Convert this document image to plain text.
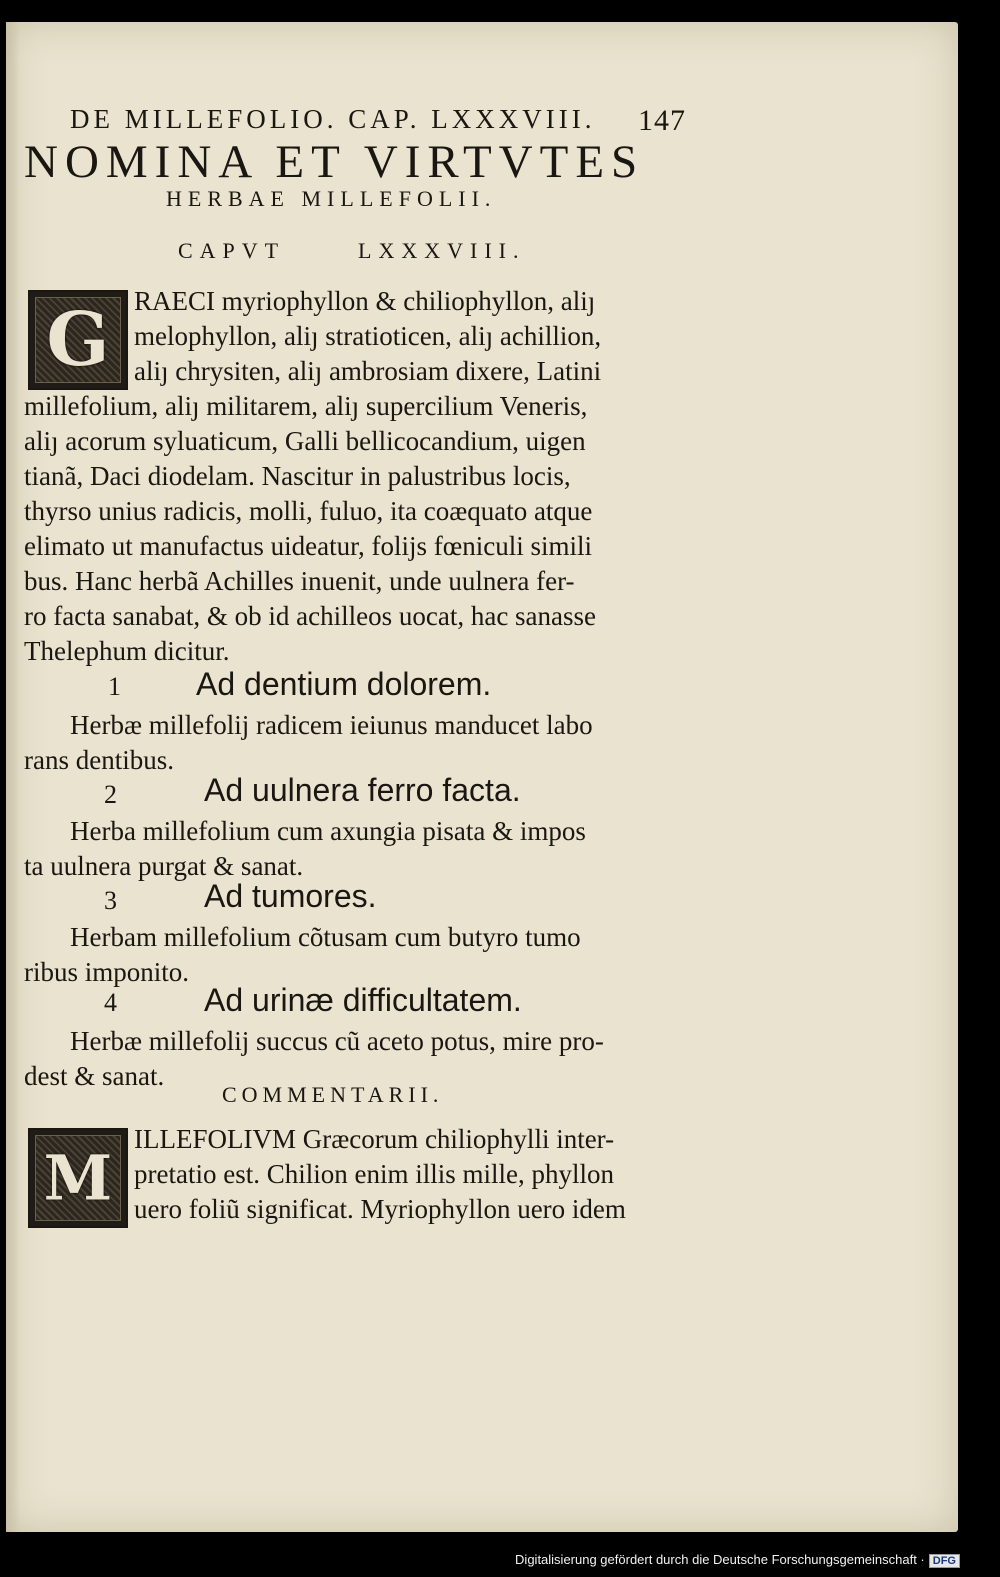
DE MILLEFOLIO. CAP. LXXXVIII. 147
NOMINA ET VIRTVTES
HERBAE MILLEFOLII.
CAPVT	LXXXVIII.
G RAECI myriophyllon & chiliophyllon, aliȷ
melophyllon, aliȷ stratioticen, aliȷ achillion,
aliȷ chrysiten, aliȷ ambrosiam dixere, Latini
millefolium, aliȷ militarem, aliȷ supercilium Veneris,
aliȷ acorum syluaticum, Galli bellicocandium, uigen
tianã, Daci diodelam. Nascitur in palustribus locis,
thyrso unius radicis, molli, fuluo, ita coæquato atque
elimato ut manufactus uideatur, folijs fœniculi simili
bus. Hanc herbã Achilles inuenit, unde uulnera fer-
ro facta sanabat, & ob id achilleos uocat, hac sanasse
Thelephum dicitur.
1 Ad dentium dolorem.
Herbæ millefolij radicem ieiunus manducet labo
rans dentibus.
2	Ad uulnera ferro facta.
Herba millefolium cum axungia pisata & impos
ta uulnera purgat & sanat.
3	Ad tumores.
Herbam millefolium cõtusam cum butyro tumo
ribus imponito.
4	Ad urinæ difficultatem.
Herbæ millefolij succus cũ aceto potus, mire pro-
dest & sanat.
COMMENTARII.
M
ILLEFOLIVM Græcorum chiliophylli inter-
pretatio est. Chilion enim illis mille, phyllon
uero foliũ significat. Myriophyllon uero idem
Digitalisierung gefördert durch die Deutsche Forschungsgemeinschaft · DFG
